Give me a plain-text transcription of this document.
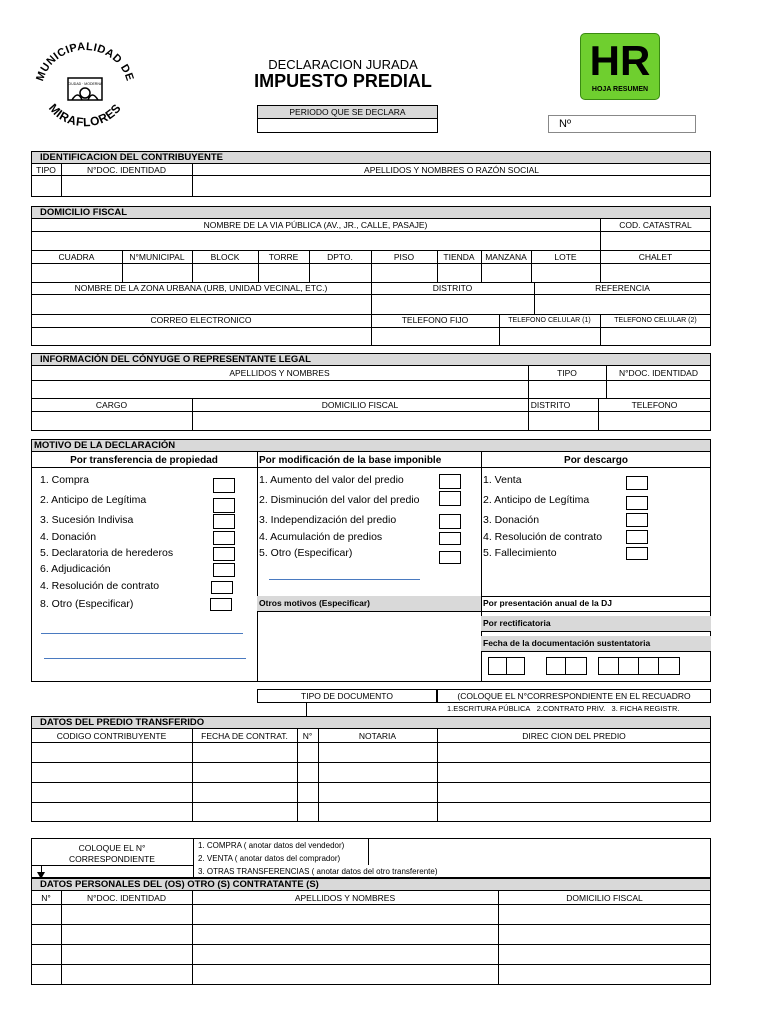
MUNICIPALIDAD DE
MIRAFLORES
CIUDAD · MODERNA
DECLARACION JURADA
IMPUESTO PREDIAL	HR
HOJA RESUMEN
PERIODO QUE SE DECLARA
Nº
IDENTIFICACION DEL CONTRIBUYENTE
TIPO	N°DOC. IDENTIDAD	APELLIDOS Y NOMBRES O RAZÓN SOCIAL
DOMICILIO FISCAL
NOMBRE DE LA VIA PÚBLICA (AV., JR., CALLE, PASAJE)	COD. CATASTRAL
CUADRA	N°MUNICIPAL	BLOCK	TORRE	DPTO.	PISO	TIENDA	MANZANA	LOTE	CHALET
NOMBRE DE LA ZONA URBANA (URB, UNIDAD VECINAL, ETC.)	DISTRITO	REFERENCIA
CORREO ELECTRONICO	TELEFONO FIJO	TELEFONO CELULAR (1)	TELEFONO CELULAR (2)
INFORMACIÓN DEL CÓNYUGE O REPRESENTANTE LEGAL
APELLIDOS Y NOMBRES	TIPO	N°DOC. IDENTIDAD
CARGO	DOMICILIO FISCAL	DISTRITO	TELEFONO
MOTIVO DE LA DECLARACIÓN
Por transferencia de propiedad	Por modificación de la base imponible	Por descargo
1. Compra
2. Anticipo de Legítima
3. Sucesión Indivisa
4. Donación
5. Declaratoria de herederos
6. Adjudicación
4. Resolución de contrato
8. Otro (Especificar)
1. Aumento del valor del predio
2. Disminución del valor del predio
3. Independización del predio
4. Acumulación de predios
5. Otro (Especificar)
Otros motivos (Especificar)
1. Venta
2. Anticipo de Legítima
3. Donación
4. Resolución de contrato
5. Fallecimiento
Por presentación anual de la DJ
Por rectificatoria
Fecha de la documentación sustentatoria
TIPO DE DOCUMENTO	(COLOQUE EL N°CORRESPONDIENTE EN EL RECUADRO
1.ESCRITURA PÚBLICA 2.CONTRATO PRIV. 3. FICHA REGISTR.
DATOS DEL PREDIO TRANSFERIDO
CODIGO CONTRIBUYENTE	FECHA DE CONTRAT.	N°	NOTARIA	DIREC CION DEL PREDIO
COLOQUE EL N°
CORRESPONDIENTE
1. COMPRA ( anotar datos del vendedor)
2. VENTA ( anotar datos del comprador)
3. OTRAS TRANSFERENCIAS ( anotar datos del otro transferente)
DATOS PERSONALES DEL (OS) OTRO (S) CONTRATANTE (S)
N°	N°DOC. IDENTIDAD	APELLIDOS Y NOMBRES	DOMICILIO FISCAL
